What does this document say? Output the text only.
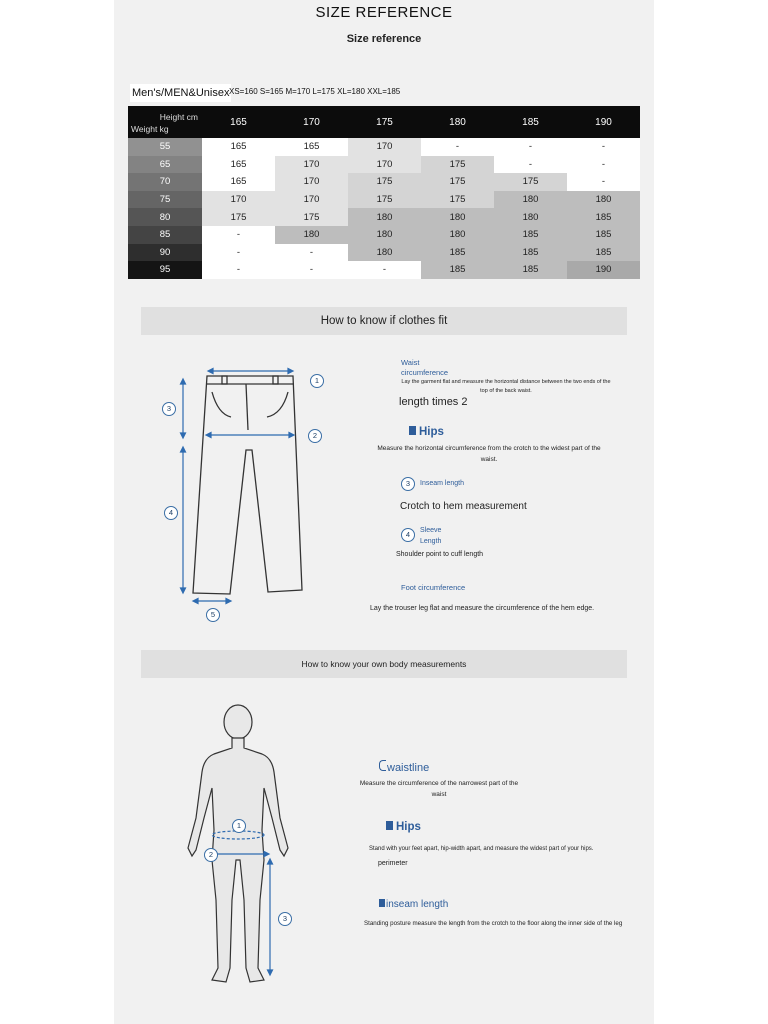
SIZE REFERENCE
Size reference
Men's/MEN&Unisex XS=160 S=165 M=170 L=175 XL=180 XXL=185
Height cm
Weight kg	165	170	175	180	185	190
55	165	165	170	-	-	-
65	165	170	170	175	-	-
70	165	170	175	175	175	-
75	170	170	175	175	180	180
80	175	175	180	180	180	185
85	-	180	180	180	185	185
90	-	-	180	185	185	185
95	-	-	-	185	185	190
How to know if clothes fit
1
2
3
4
5
Waist circumference
Lay the garment flat and measure the horizontal distance between the two ends of the top of the back waist.
length times 2
Hips
Measure the horizontal circumference from the crotch to the widest part of the waist.
3	Inseam length
Crotch to hem measurement
4	Sleeve Length
Shoulder point to cuff length
Foot circumference
Lay the trouser leg flat and measure the circumference of the hem edge.
How to know your own body measurements
1
2
3
waistline
Measure the circumference of the narrowest part of the waist
Hips
Stand with your feet apart, hip-width apart, and measure the widest part of your hips.
perimeter
inseam length
Standing posture measure the length from the crotch to the floor along the inner side of the leg
